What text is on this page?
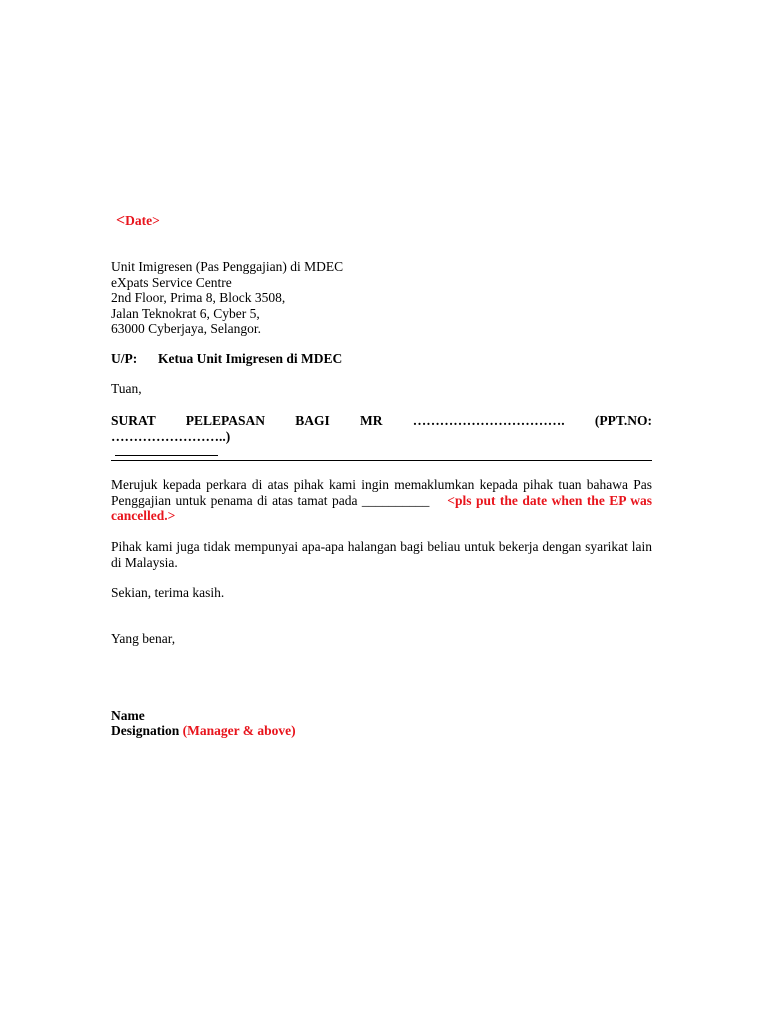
<Date>
Unit Imigresen (Pas Penggajian) di MDEC
eXpats Service Centre
2nd Floor, Prima 8, Block 3508,
Jalan Teknokrat 6, Cyber 5,
63000 Cyberjaya, Selangor.
U/P: Ketua Unit Imigresen di MDEC
Tuan,
SURAT PELEPASAN BAGI MR ……………………………. (PPT.NO:
……………………..)
Merujuk kepada perkara di atas pihak kami ingin memaklumkan kepada pihak tuan bahawa Pas Penggajian untuk penama di atas tamat pada __________ <pls put the date when the EP was cancelled.>
Pihak kami juga tidak mempunyai apa-apa halangan bagi beliau untuk bekerja dengan syarikat lain di Malaysia.
Sekian, terima kasih.
Yang benar,
Name
Designation (Manager & above)
